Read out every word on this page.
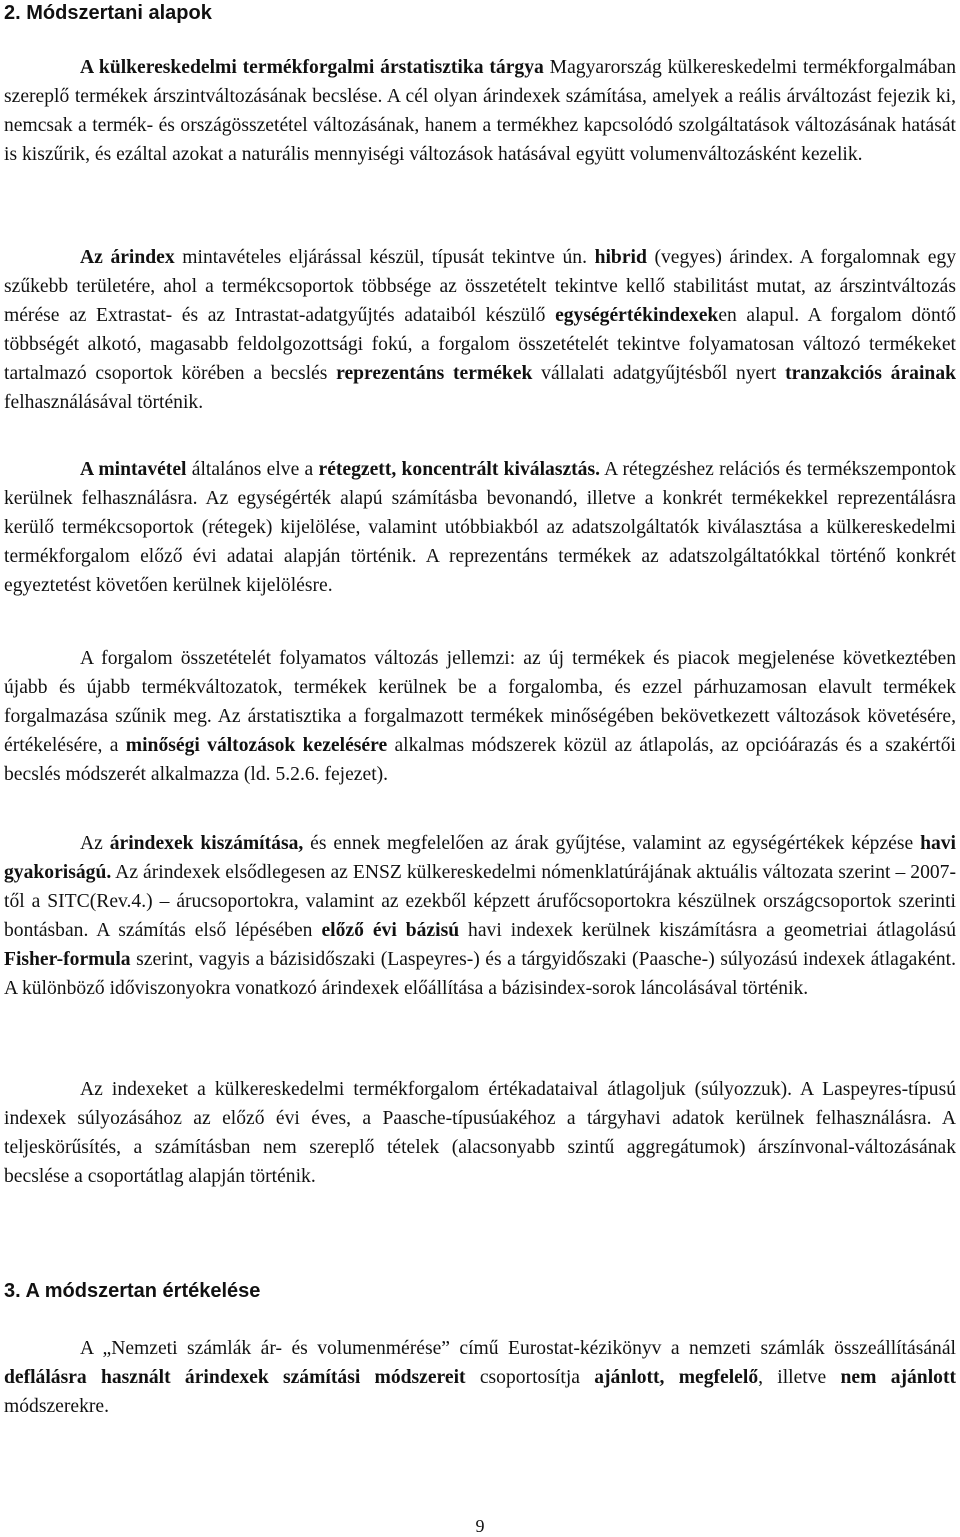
2. Módszertani alapok

A külkereskedelmi termékforgalmi árstatisztika tárgya Magyarország külkereskedelmi termékforgalmában szereplő termékek árszintváltozásának becslése. A cél olyan árindexek számítása, amelyek a reális árváltozást fejezik ki, nemcsak a termék- és országösszetétel változásának, hanem a termékhez kapcsolódó szolgáltatások változásának hatását is kiszűrik, és ezáltal azokat a naturális mennyiségi változások hatásával együtt volumenváltozásként kezelik.

Az árindex mintavételes eljárással készül, típusát tekintve ún. hibrid (vegyes) árindex. A forgalomnak egy szűkebb területére, ahol a termékcsoportok többsége az összetételt tekintve kellő stabilitást mutat, az árszintváltozás mérése az Extrastat- és az Intrastat-adatgyűjtés adataiból készülő egységértékindexeken alapul. A forgalom döntő többségét alkotó, magasabb feldolgozottsági fokú, a forgalom összetételét tekintve folyamatosan változó termékeket tartalmazó csoportok körében a becslés reprezentáns termékek vállalati adatgyűjtésből nyert tranzakciós árainak felhasználásával történik.

A mintavétel általános elve a rétegzett, koncentrált kiválasztás. A rétegzéshez relációs és termékszempontok kerülnek felhasználásra. Az egységérték alapú számításba bevonandó, illetve a konkrét termékekkel reprezentálásra kerülő termékcsoportok (rétegek) kijelölése, valamint utóbbiakból az adatszolgáltatók kiválasztása a külkereskedelmi termékforgalom előző évi adatai alapján történik. A reprezentáns termékek az adatszolgáltatókkal történő konkrét egyeztetést követően kerülnek kijelölésre.

A forgalom összetételét folyamatos változás jellemzi: az új termékek és piacok megjelenése következtében újabb és újabb termékváltozatok, termékek kerülnek be a forgalomba, és ezzel párhuzamosan elavult termékek forgalmazása szűnik meg. Az árstatisztika a forgalmazott termékek minőségében bekövetkezett változások követésére, értékelésére, a minőségi változások kezelésére alkalmas módszerek közül az átlapolás, az opcióárazás és a szakértői becslés módszerét alkalmazza (ld. 5.2.6. fejezet).

Az árindexek kiszámítása, és ennek megfelelően az árak gyűjtése, valamint az egységértékek képzése havi gyakoriságú. Az árindexek elsődlegesen az ENSZ külkereskedelmi nómenklatúrájának aktuális változata szerint – 2007-től a SITC(Rev.4.) – árucsoportokra, valamint az ezekből képzett árufőcsoportokra készülnek országcsoportok szerinti bontásban. A számítás első lépésében előző évi bázisú havi indexek kerülnek kiszámításra a geometriai átlagolású Fisher-formula szerint, vagyis a bázisidőszaki (Laspeyres-) és a tárgyidőszaki (Paasche-) súlyozású indexek átlagaként. A különböző időviszonyokra vonatkozó árindexek előállítása a bázisindex-sorok láncolásával történik.

Az indexeket a külkereskedelmi termékforgalom értékadataival átlagoljuk (súlyozzuk). A Laspeyres-típusú indexek súlyozásához az előző évi éves, a Paasche-típusúakéhoz a tárgyhavi adatok kerülnek felhasználásra. A teljeskörűsítés, a számításban nem szereplő tételek (alacsonyabb szintű aggregátumok) árszínvonal-változásának becslése a csoportátlag alapján történik.

3. A módszertan értékelése

A „Nemzeti számlák ár- és volumenmérése” című Eurostat-kézikönyv a nemzeti számlák összeállításánál deflálásra használt árindexek számítási módszereit csoportosítja ajánlott, megfelelő, illetve nem ajánlott módszerekre.

9
